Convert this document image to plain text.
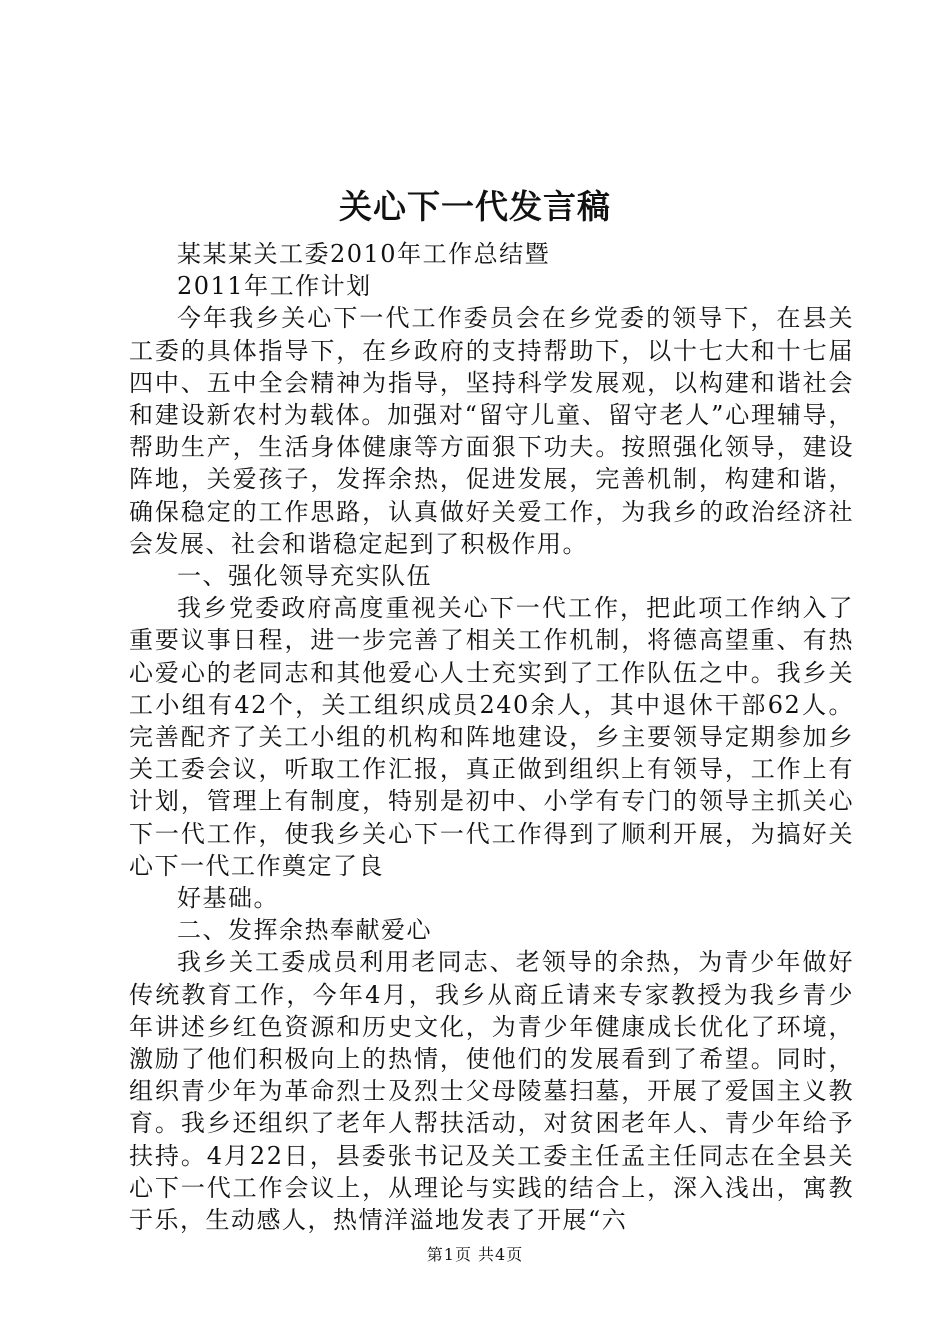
关心下一代发言稿

某某某关工委2010年工作总结暨

2011年工作计划

今年我乡关心下一代工作委员会在乡党委的领导下，在县关工委的具体指导下，在乡政府的支持帮助下，以十七大和十七届四中、五中全会精神为指导，坚持科学发展观，以构建和谐社会和建设新农村为载体。加强对“留守儿童、留守老人”心理辅导，帮助生产，生活身体健康等方面狠下功夫。按照强化领导，建设阵地，关爱孩子，发挥余热，促进发展，完善机制，构建和谐，确保稳定的工作思路，认真做好关爱工作，为我乡的政治经济社会发展、社会和谐稳定起到了积极作用。

一、强化领导充实队伍

我乡党委政府高度重视关心下一代工作，把此项工作纳入了重要议事日程，进一步完善了相关工作机制，将德高望重、有热心爱心的老同志和其他爱心人士充实到了工作队伍之中。我乡关工小组有42个，关工组织成员240余人，其中退休干部62人。完善配齐了关工小组的机构和阵地建设，乡主要领导定期参加乡关工委会议，听取工作汇报，真正做到组织上有领导，工作上有计划，管理上有制度，特别是初中、小学有专门的领导主抓关心下一代工作，使我乡关心下一代工作得到了顺利开展，为搞好关心下一代工作奠定了良

好基础。

二、发挥余热奉献爱心

我乡关工委成员利用老同志、老领导的余热，为青少年做好传统教育工作，今年4月，我乡从商丘请来专家教授为我乡青少年讲述乡红色资源和历史文化，为青少年健康成长优化了环境，激励了他们积极向上的热情，使他们的发展看到了希望。同时，组织青少年为革命烈士及烈士父母陵墓扫墓，开展了爱国主义教育。我乡还组织了老年人帮扶活动，对贫困老年人、青少年给予扶持。4月22日，县委张书记及关工委主任孟主任同志在全县关心下一代工作会议上，从理论与实践的结合上，深入浅出，寓教于乐，生动感人，热情洋溢地发表了开展“六

第1页 共4页
